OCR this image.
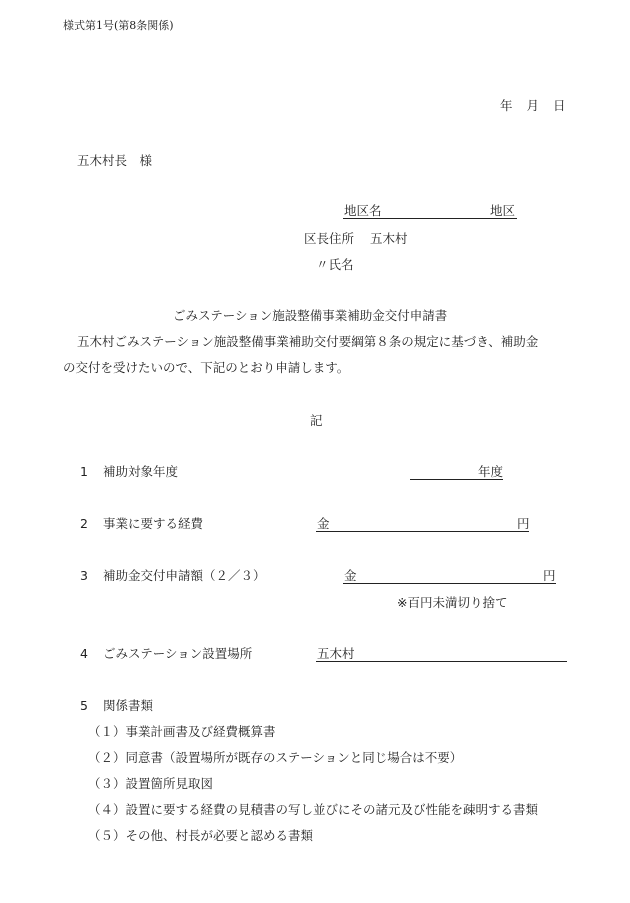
様式第1号(第8条関係)
年 月 日
五木村長　様
地区名	地区
区長住所 五木村
〃氏名
ごみステーション施設整備事業補助金交付申請書
五木村ごみステーション施設整備事業補助交付要綱第８条の規定に基づき、補助金
の交付を受けたいので、下記のとおり申請します。
記
1 補助対象年度	年度
2 事業に要する経費	金	円
3 補助金交付申請額（２／３）	金	円
※百円未満切り捨て
4 ごみステーション設置場所	五木村
5 関係書類
（１）事業計画書及び経費概算書
（２）同意書（設置場所が既存のステーションと同じ場合は不要）
（３）設置箇所見取図
（４）設置に要する経費の見積書の写し並びにその諸元及び性能を疎明する書類
（５）その他、村長が必要と認める書類
